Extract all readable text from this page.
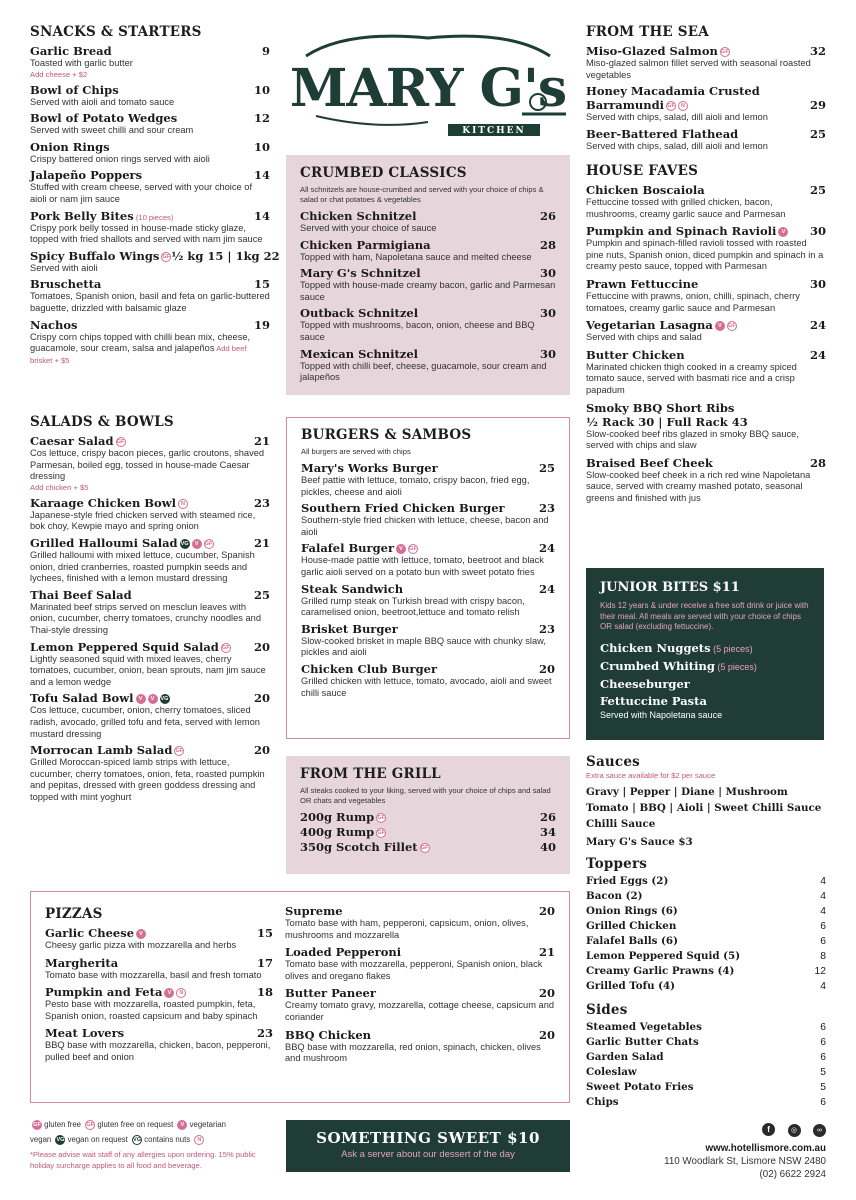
SNACKS & STARTERS
Garlic Bread	9
Toasted with garlic butter
Add cheese + $2
Bowl of Chips	10
Served with aioli and tomato sauce
Bowl of Potato Wedges	12
Served with sweet chilli and sour cream
Onion Rings	10
Crispy battered onion rings served with aioli
Jalapeño Poppers	14
Stuffed with cream cheese, served with your choice of aioli or nam jim sauce
Pork Belly Bites (10 pieces)	14
Crispy pork belly tossed in house-made sticky glaze, topped with fried shallots and served with nam jim sauce
Spicy Buffalo Wings GF ½ kg 15 | 1kg 22
Served with aioli
Bruschetta	15
Tomatoes, Spanish onion, basil and feta on garlic-buttered baguette, drizzled with balsamic glaze
Nachos	19
Crispy corn chips topped with chilli bean mix, cheese, guacamole, sour cream, salsa and jalapeños Add beef brisket + $5
SALADS & BOWLS
Caesar Salad GF	21
Cos lettuce, crispy bacon pieces, garlic croutons, shaved Parmesan, boiled egg, tossed in house-made Caesar dressing
Add chicken + $5
Karaage Chicken Bowl N	23
Japanese-style fried chicken served with steamed rice, bok choy, Kewpie mayo and spring onion
Grilled Halloumi Salad VG V GF	21
Grilled halloumi with mixed lettuce, cucumber, Spanish onion, dried cranberries, roasted pumpkin seeds and lychees, finished with a lemon mustard dressing
Thai Beef Salad	25
Marinated beef strips served on mesclun leaves with onion, cucumber, cherry tomatoes, crunchy noodles and Thai-style dressing
Lemon Peppered Squid Salad GF 20
Lightly seasoned squid with mixed leaves, cherry tomatoes, cucumber, onion, bean sprouts, nam jim sauce and a lemon wedge
Tofu Salad Bowl V V VG	20
Cos lettuce, cucumber, onion, cherry tomatoes, sliced radish, avocado, grilled tofu and feta, served with lemon mustard dressing
Morrocan Lamb Salad GF	20
Grilled Moroccan-spiced lamb strips with lettuce, cucumber, cherry tomatoes, onion, feta, roasted pumpkin and pepitas, dressed with green goddess dressing and topped with mint yoghurt
KITCHEN
MARY G's
CRUMBED CLASSICS
All schnitzels are house-crumbed and served with your choice of chips & salad or chat potatoes & vegetables
Chicken Schnitzel	26
Served with your choice of sauce
Chicken Parmigiana	28
Topped with ham, Napoletana sauce and melted cheese
Mary G's Schnitzel	30
Topped with house-made creamy bacon, garlic and Parmesan sauce
Outback Schnitzel	30
Topped with mushrooms, bacon, onion, cheese and BBQ sauce
Mexican Schnitzel	30
Topped with chilli beef, cheese, guacamole, sour cream and jalapeños
BURGERS & SAMBOS
All burgers are served with chips
Mary's Works Burger	25
Beef pattie with lettuce, tomato, crispy bacon, fried egg, pickles, cheese and aioli
Southern Fried Chicken Burger	23
Southern-style fried chicken with lettuce, cheese, bacon and aioli
Falafel Burger V GF	24
House-made pattie with lettuce, tomato, beetroot and black garlic aioli served on a potato bun with sweet potato fries
Steak Sandwich	24
Grilled rump steak on Turkish bread with crispy bacon, caramelised onion, beetroot,lettuce and tomato relish
Brisket Burger	23
Slow-cooked brisket in maple BBQ sauce with chunky slaw, pickles and aioli
Chicken Club Burger	20
Grilled chicken with lettuce, tomato, avocado, aioli and sweet chilli sauce
FROM THE GRILL
All steaks cooked to your liking, served with your choice of chips and salad OR chats and vegetables
200g Rump GF	26
400g Rump GF	34
350g Scotch Fillet GF	40
FROM THE SEA
Miso-Glazed Salmon GF	32
Miso-glazed salmon fillet served with seasonal roasted vegetables
Honey Macadamia Crusted
Barramundi GF N	29
Served with chips, salad, dill aioli and lemon
Beer-Battered Flathead	25
Served with chips, salad, dill aioli and lemon
HOUSE FAVES
Chicken Boscaiola	25
Fettuccine tossed with grilled chicken, bacon, mushrooms, creamy garlic sauce and Parmesan
Pumpkin and Spinach Ravioli V 30
Pumpkin and spinach-filled ravioli tossed with roasted pine nuts, Spanish onion, diced pumpkin and spinach in a creamy pesto sauce, topped with Parmesan
Prawn Fettuccine	30
Fettuccine with prawns, onion, chilli, spinach, cherry tomatoes, creamy garlic sauce and Parmesan
Vegetarian Lasagna V GF	24
Served with chips and salad
Butter Chicken	24
Marinated chicken thigh cooked in a creamy spiced tomato sauce, served with basmati rice and a crisp papadum
Smoky BBQ Short Ribs
½ Rack 30 | Full Rack 43
Slow-cooked beef ribs glazed in smoky BBQ sauce, served with chips and slaw
Braised Beef Cheek	28
Slow-cooked beef cheek in a rich red wine Napoletana sauce, served with creamy mashed potato, seasonal greens and finished with jus
JUNIOR BITES $11
Kids 12 years & under receive a free soft drink or juice with their meal. All meals are served with your choice of chips OR salad (excluding fettuccine).
Chicken Nuggets (5 pieces)
Crumbed Whiting (5 pieces)
Cheeseburger
Fettuccine Pasta
Served with Napoletana sauce
Sauces
Extra sauce available for $2 per sauce
Gravy | Pepper | Diane | Mushroom
Tomato | BBQ | Aioli | Sweet Chilli Sauce
Chilli Sauce
Mary G's Sauce $3
Toppers
Fried Eggs (2)	4
Bacon (2)	4
Onion Rings (6)	4
Grilled Chicken	6
Falafel Balls (6)	6
Lemon Peppered Squid (5)	8
Creamy Garlic Prawns (4)	12
Grilled Tofu (4)	4
Sides
Steamed Vegetables	6
Garlic Butter Chats	6
Garden Salad	6
Coleslaw	5
Sweet Potato Fries	5
Chips	6
PIZZAS
Garlic Cheese V	15
Cheesy garlic pizza with mozzarella and herbs
Margherita	17
Tomato base with mozzarella, basil and fresh tomato
Pumpkin and Feta V N	18
Pesto base with mozzarella, roasted pumpkin, feta, Spanish onion, roasted capsicum and baby spinach
Meat Lovers	23
BBQ base with mozzarella, chicken, bacon, pepperoni, pulled beef and onion
Supreme	20
Tomato base with ham, pepperoni, capsicum, onion, olives, mushrooms and mozzarella
Loaded Pepperoni	21
Tomato base with mozzarella, pepperoni, Spanish onion, black olives and oregano flakes
Butter Paneer	20
Creamy tomato gravy, mozzarella, cottage cheese, capsicum and coriander
BBQ Chicken	20
BBQ base with mozzarella, red onion, spinach, chicken, olives and mushroom
GF gluten free GF gluten free on request V vegetarian
vegan VG vegan on request VG contains nuts N
*Please advise wait staff of any allergies upon ordering. 15% public holiday surcharge applies to all food and beverage.
SOMETHING SWEET $10
Ask a server about our dessert of the day
f	◎	∞
www.hotellismore.com.au
110 Woodlark St, Lismore NSW 2480
(02) 6622 2924
